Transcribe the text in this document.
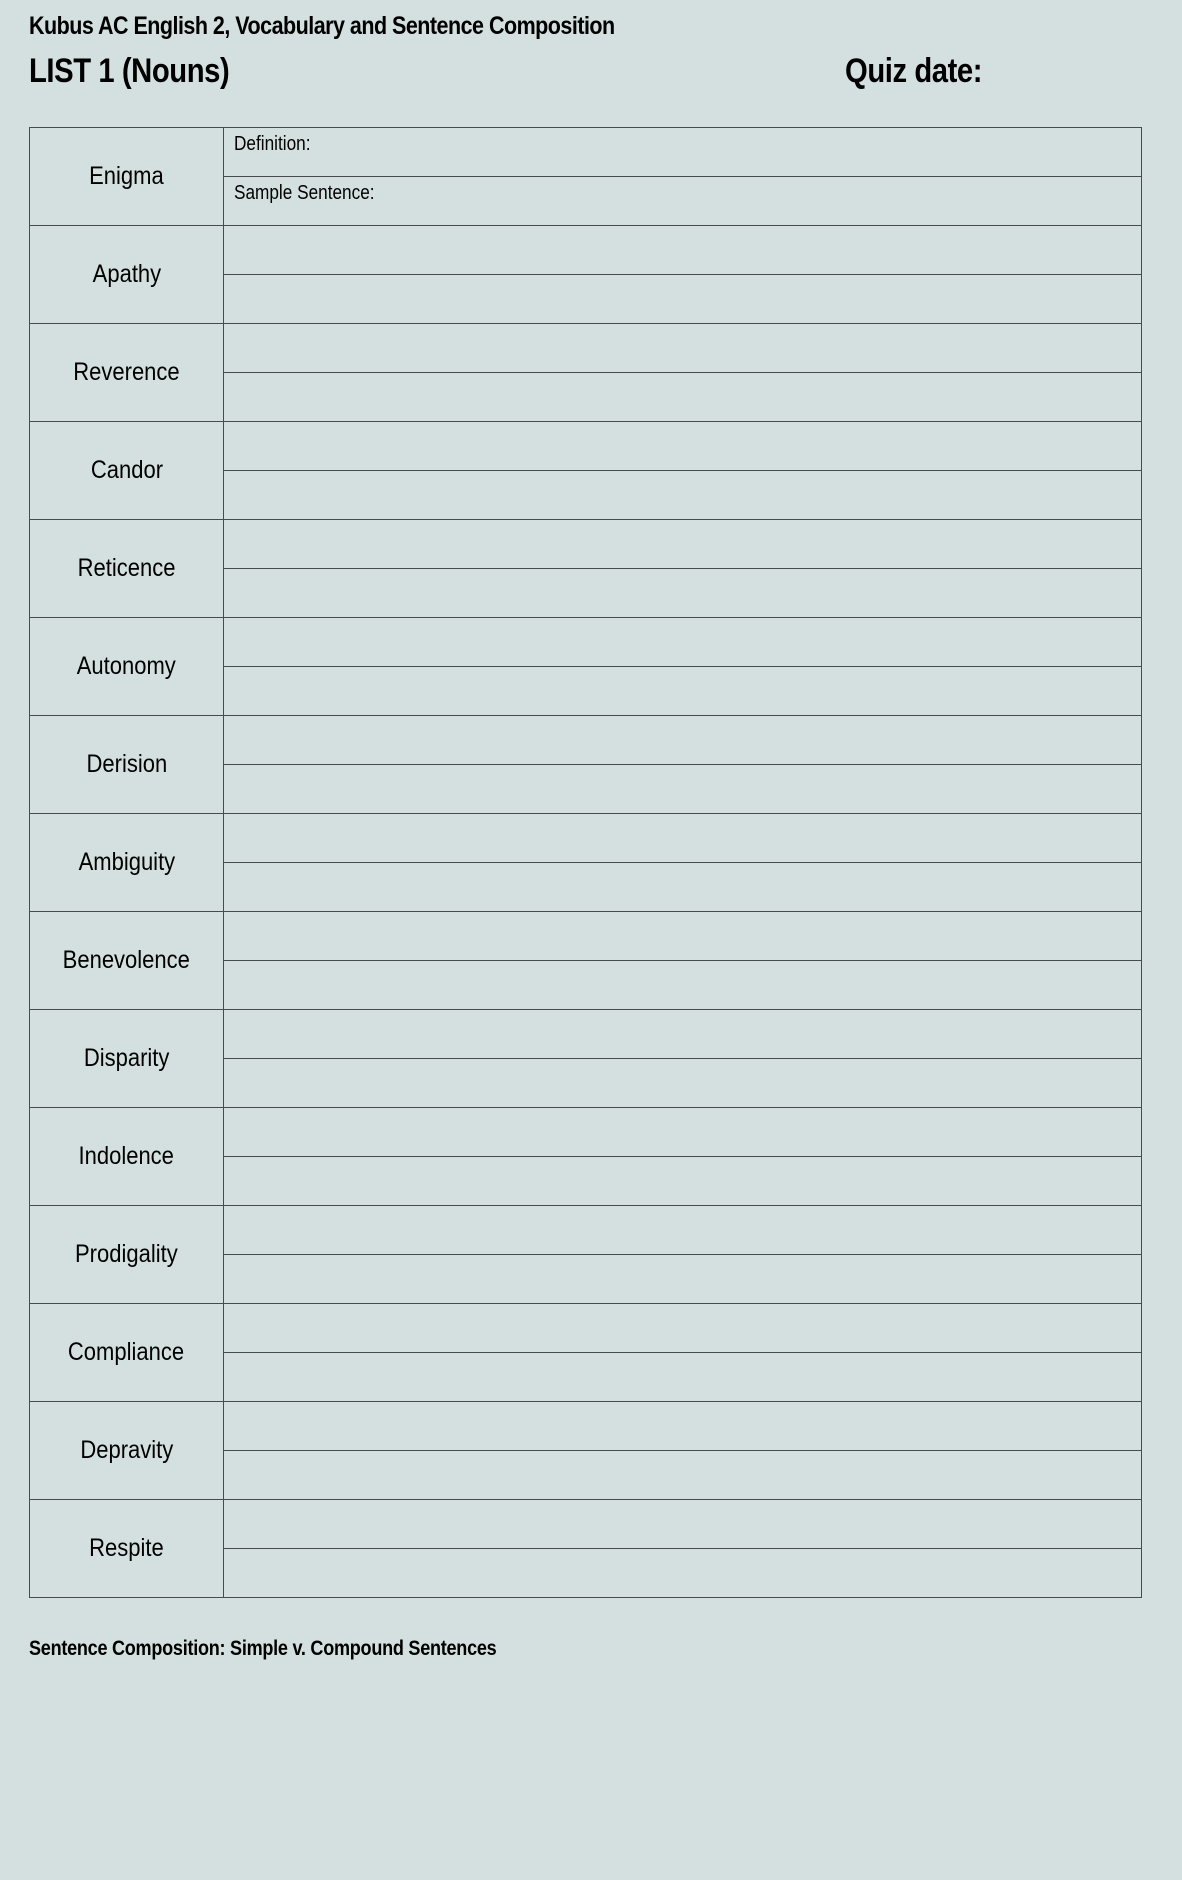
Kubus AC English 2, Vocabulary and Sentence Composition
LIST 1 (Nouns)	Quiz date:
Enigma	Definition:
	Sample Sentence:
Apathy	

Reverence	

Candor	

Reticence	

Autonomy	

Derision	

Ambiguity	

Benevolence	

Disparity	

Indolence	

Prodigality	

Compliance	

Depravity	

Respite	

Sentence Composition: Simple v. Compound Sentences
